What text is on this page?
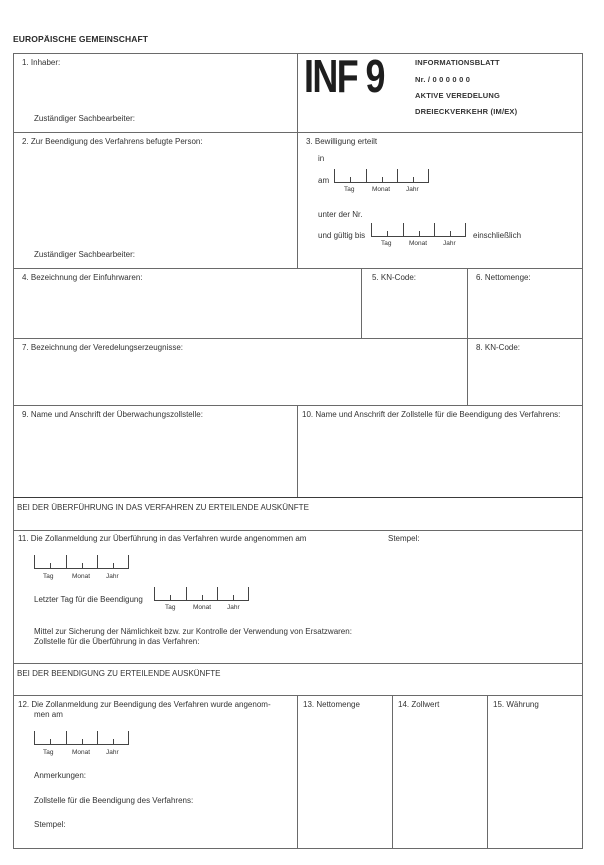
EUROPÄISCHE GEMEINSCHAFT
1. Inhaber:
Zuständiger Sachbearbeiter:
INF 9	INFORMATIONSBLATT
Nr. / 0 0 0 0 0 0
AKTIVE VEREDELUNG
DREIECKVERKEHR (IM/EX)
2. Zur Beendigung des Verfahrens befugte Person:
Zuständiger Sachbearbeiter:
3. Bewilligung erteilt
in
am
Tag	Monat Jahr
unter der Nr.
und gültig bis
Tag	Monat Jahr
einschließlich
4. Bezeichnung der Einfuhrwaren:	5. KN-Code:	6. Nettomenge:
7. Bezeichnung der Veredelungserzeugnisse:	8. KN-Code:
9. Name und Anschrift der Überwachungszollstelle:	10. Name und Anschrift der Zollstelle für die Beendigung des Verfahrens:
BEI DER ÜBERFÜHRUNG IN DAS VERFAHREN ZU ERTEILENDE AUSKÜNFTE
11. Die Zollanmeldung zur Überführung in das Verfahren wurde angenommen am	Stempel:
Tag	Monat Jahr
Letzter Tag für die Beendigung
Tag	Monat Jahr
Mittel zur Sicherung der Nämlichkeit bzw. zur Kontrolle der Verwendung von Ersatzwaren:
Zollstelle für die Überführung in das Verfahren:
BEI DER BEENDIGUNG ZU ERTEILENDE AUSKÜNFTE
12. Die Zollanmeldung zur Beendigung des Verfahren wurde angenom-
men am
Tag	Monat Jahr
Anmerkungen:
Zollstelle für die Beendigung des Verfahrens:
Stempel:
13. Nettomenge	14. Zollwert	15. Währung
